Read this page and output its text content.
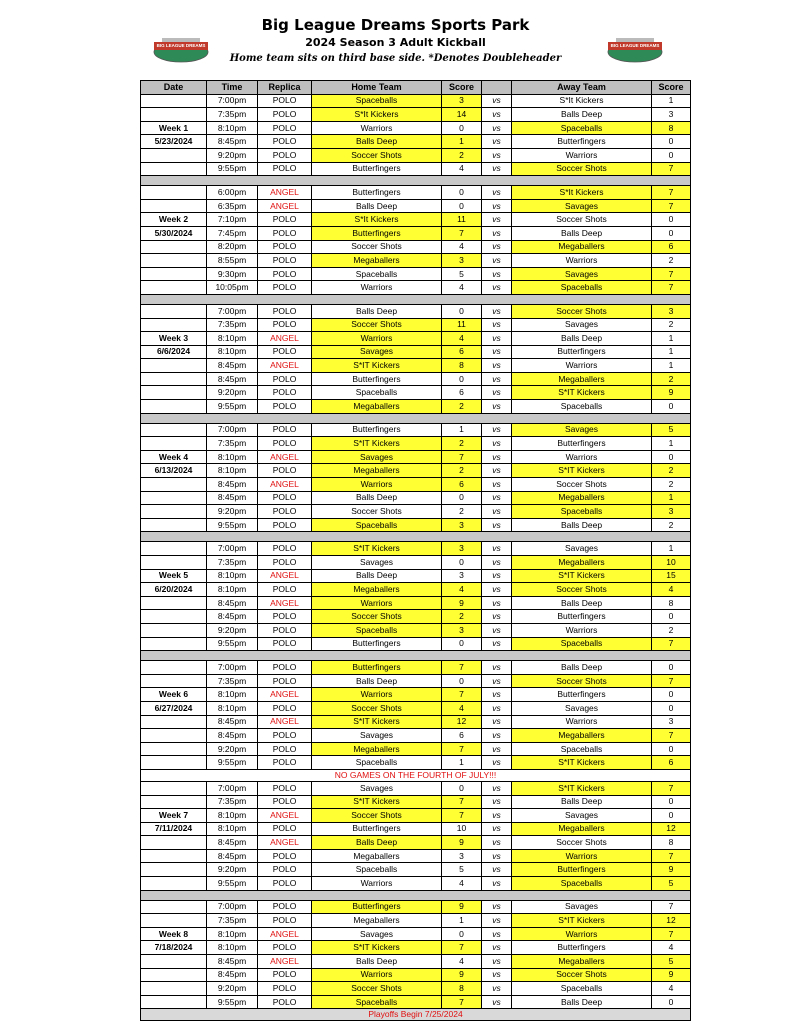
BIG LEAGUE DREAMS
Big League Dreams Sports Park
2024 Season 3 Adult Kickball
Home team sits on third base side. *Denotes Doubleheader
BIG LEAGUE DREAMS
Date	Time	Replica	Home Team	Score		Away Team	Score
	7:00pm	POLO	Spaceballs	3	vs	S*It Kickers	1
	7:35pm	POLO	S*It Kickers	14	vs	Balls Deep	3
Week 1	8:10pm	POLO	Warriors	0	vs	Spaceballs	8
5/23/2024	8:45pm	POLO	Balls Deep	1	vs	Butterfingers	0
	9:20pm	POLO	Soccer Shots	2	vs	Warriors	0
	9:55pm	POLO	Butterfingers	4	vs	Soccer Shots	7

	6:00pm	ANGEL	Butterfingers	0	vs	S*It Kickers	7
	6:35pm	ANGEL	Balls Deep	0	vs	Savages	7
Week 2	7:10pm	POLO	S*It Kickers	11	vs	Soccer Shots	0
5/30/2024	7:45pm	POLO	Butterfingers	7	vs	Balls Deep	0
	8:20pm	POLO	Soccer Shots	4	vs	Megaballers	6
	8:55pm	POLO	Megaballers	3	vs	Warriors	2
	9:30pm	POLO	Spaceballs	5	vs	Savages	7
	10:05pm	POLO	Warriors	4	vs	Spaceballs	7

	7:00pm	POLO	Balls Deep	0	vs	Soccer Shots	3
	7:35pm	POLO	Soccer Shots	11	vs	Savages	2
Week 3	8:10pm	ANGEL	Warriors	4	vs	Balls Deep	1
6/6/2024	8:10pm	POLO	Savages	6	vs	Butterfingers	1
	8:45pm	ANGEL	S*IT Kickers	8	vs	Warriors	1
	8:45pm	POLO	Butterfingers	0	vs	Megaballers	2
	9:20pm	POLO	Spaceballs	6	vs	S*IT Kickers	9
	9:55pm	POLO	Megaballers	2	vs	Spaceballs	0

	7:00pm	POLO	Butterfingers	1	vs	Savages	5
	7:35pm	POLO	S*IT Kickers	2	vs	Butterfingers	1
Week 4	8:10pm	ANGEL	Savages	7	vs	Warriors	0
6/13/2024	8:10pm	POLO	Megaballers	2	vs	S*IT Kickers	2
	8:45pm	ANGEL	Warriors	6	vs	Soccer Shots	2
	8:45pm	POLO	Balls Deep	0	vs	Megaballers	1
	9:20pm	POLO	Soccer Shots	2	vs	Spaceballs	3
	9:55pm	POLO	Spaceballs	3	vs	Balls Deep	2

	7:00pm	POLO	S*IT Kickers	3	vs	Savages	1
	7:35pm	POLO	Savages	0	vs	Megaballers	10
Week 5	8:10pm	ANGEL	Balls Deep	3	vs	S*IT Kickers	15
6/20/2024	8:10pm	POLO	Megaballers	4	vs	Soccer Shots	4
	8:45pm	ANGEL	Warriors	9	vs	Balls Deep	8
	8:45pm	POLO	Soccer Shots	2	vs	Butterfingers	0
	9:20pm	POLO	Spaceballs	3	vs	Warriors	2
	9:55pm	POLO	Butterfingers	0	vs	Spaceballs	7

	7:00pm	POLO	Butterfingers	7	vs	Balls Deep	0
	7:35pm	POLO	Balls Deep	0	vs	Soccer Shots	7
Week 6	8:10pm	ANGEL	Warriors	7	vs	Butterfingers	0
6/27/2024	8:10pm	POLO	Soccer Shots	4	vs	Savages	0
	8:45pm	ANGEL	S*IT Kickers	12	vs	Warriors	3
	8:45pm	POLO	Savages	6	vs	Megaballers	7
	9:20pm	POLO	Megaballers	7	vs	Spaceballs	0
	9:55pm	POLO	Spaceballs	1	vs	S*IT Kickers	6
NO GAMES ON THE FOURTH OF JULY!!!							
	7:00pm	POLO	Savages	0	vs	S*IT Kickers	7
	7:35pm	POLO	S*IT Kickers	7	vs	Balls Deep	0
Week 7	8:10pm	ANGEL	Soccer Shots	7	vs	Savages	0
7/11/2024	8:10pm	POLO	Butterfingers	10	vs	Megaballers	12
	8:45pm	ANGEL	Balls Deep	9	vs	Soccer Shots	8
	8:45pm	POLO	Megaballers	3	vs	Warriors	7
	9:20pm	POLO	Spaceballs	5	vs	Butterfingers	9
	9:55pm	POLO	Warriors	4	vs	Spaceballs	5

	7:00pm	POLO	Butterfingers	9	vs	Savages	7
	7:35pm	POLO	Megaballers	1	vs	S*IT Kickers	12
Week 8	8:10pm	ANGEL	Savages	0	vs	Warriors	7
7/18/2024	8:10pm	POLO	S*IT Kickers	7	vs	Butterfingers	4
	8:45pm	ANGEL	Balls Deep	4	vs	Megaballers	5
	8:45pm	POLO	Warriors	9	vs	Soccer Shots	9
	9:20pm	POLO	Soccer Shots	8	vs	Spaceballs	4
	9:55pm	POLO	Spaceballs	7	vs	Balls Deep	0
Playoffs Begin 7/25/2024							
